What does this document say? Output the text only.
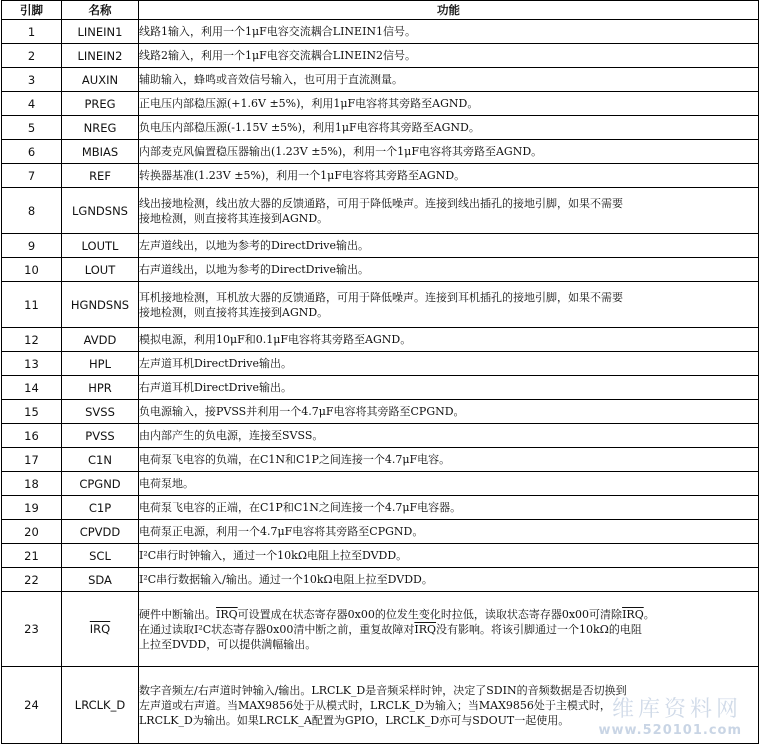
引脚	名称	功能
1	LINEIN1	线路1输入，利用一个1μF电容交流耦合LINEIN1信号。
2	LINEIN2	线路2输入，利用一个1μF电容交流耦合LINEIN2信号。
3	AUXIN	辅助输入，蜂鸣或音效信号输入，也可用于直流测量。
4	PREG	正电压内部稳压源(+1.6V ±5%)，利用1μF电容将其旁路至AGND。
5	NREG	负电压内部稳压源(-1.15V ±5%)，利用1μF电容将其旁路至AGND。
6	MBIAS	内部麦克风偏置稳压器输出(1.23V ±5%)，利用一个1μF电容将其旁路至AGND。
7	REF	转换器基准(1.23V ±5%)，利用一个1μF电容将其旁路至AGND。
8	LGNDSNS	线出接地检测，线出放大器的反馈通路，可用于降低噪声。连接到线出插孔的接地引脚，如果不需要
接地检测，则直接将其连接到AGND。

9	LOUTL	左声道线出，以地为参考的DirectDrive输出。
10	LOUT	右声道线出，以地为参考的DirectDrive输出。
11	HGNDSNS	耳机接地检测，耳机放大器的反馈通路，可用于降低噪声。连接到耳机插孔的接地引脚，如果不需要
接地检测，则直接将其连接到AGND。

12	AVDD	模拟电源，利用10μF和0.1μF电容将其旁路至AGND。
13	HPL	左声道耳机DirectDrive输出。
14	HPR	右声道耳机DirectDrive输出。
15	SVSS	负电源输入，接PVSS并利用一个4.7μF电容将其旁路至CPGND。
16	PVSS	由内部产生的负电源，连接至SVSS。
17	C1N	电荷泵飞电容的负端，在C1N和C1P之间连接一个4.7μF电容。
18	CPGND	电荷泵地。
19	C1P	电荷泵飞电容的正端，在C1P和C1N之间连接一个4.7μF电容器。
20	CPVDD	电荷泵正电源，利用一个4.7μF电容将其旁路至CPGND。
21	SCL	I²C串行时钟输入，通过一个10kΩ电阻上拉至DVDD。
22	SDA	I²C串行数据输入/输出。通过一个10kΩ电阻上拉至DVDD。
23	$\overline{IRQ}$	硬件中断输出。$\overline{IRQ}$可设置成在状态寄存器0x00的位发生变化时拉低，读取状态寄存器0x00可清除$\overline{IRQ}$。
在通过读取I²C状态寄存器0x00清中断之前，重复故障对$\overline{IRQ}$没有影响。将该引脚通过一个10kΩ的电阻
上拉至DVDD，可以提供满幅输出。

24	LRCLK_D	数字音频左/右声道时钟输入/输出。LRCLK_D是音频采样时钟，决定了SDIN的音频数据是否切换到
左声道或右声道。当MAX9856处于从模式时，LRCLK_D为输入；当MAX9856处于主模式时，
LRCLK_D为输出。如果LRCLK_A配置为GPIO，LRCLK_D亦可与SDOUT一起使用。	维库资料网
www.520101.com
